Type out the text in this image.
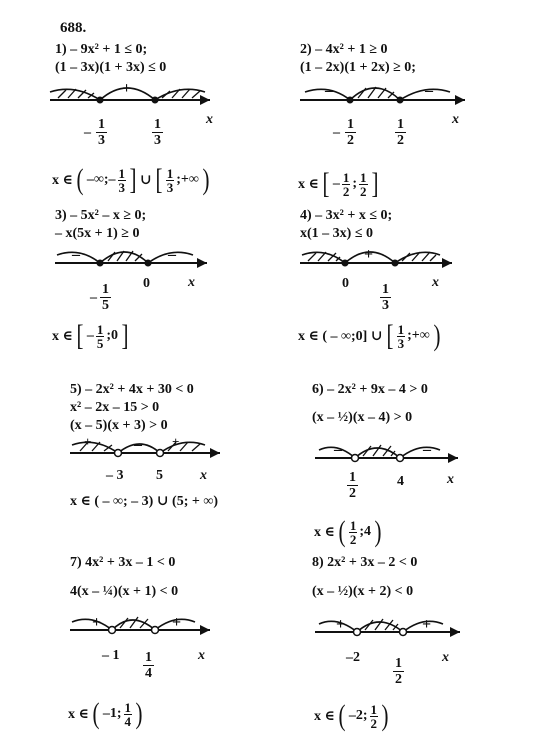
688.
1) – 9x² + 1 ≤ 0;
(1 – 3x)(1 + 3x) ≤ 0
+
– $\frac{1}{3}$	$\frac{1}{3}$	x
x ∈ ( –∞;– 1
3 ] ∪ [ 1
3 ;+∞ )
2) – 4x² + 1 ≥ 0
(1 – 2x)(1 + 2x) ≥ 0;
–	–
– $\frac{1}{2}$	$\frac{1}{2}$	x
x ∈ [ – 1
2 ; 1
2 ]
3) – 5x² – x ≥ 0;
– x(5x + 1) ≥ 0
–	–
– $\frac{1}{5} 0$	x
x ∈ [ – 1
5 ;0 ]
4) – 3x² + x ≤ 0;
x(1 – 3x) ≤ 0
+
$0 \frac{1}{3}$	x
x ∈ ( – ∞;0] ∪ [ 1
3 ;+∞ )
5) – 2x² + 4x + 30 < 0
x² – 2x – 15 > 0
(x – 5)(x + 3) > 0
+	– +
– 3 5	x
x ∈ ( – ∞; – 3) ∪ (5; + ∞)
6) – 2x² + 9x – 4 > 0
(x – ½)(x – 4) > 0
–	–
$\frac{1}{2}$	4	x
x ∈ ( 1
2 ;4 )
7) 4x² + 3x – 1 < 0
4(x – ¼)(x + 1) < 0
+	+
– $1 \frac{1}{4}$	x
x ∈ ( –1; 1
4 )
8) 2x² + 3x – 2 < 0
(x – ½)(x + 2) < 0
+	+
$-2 \frac{1}{2}$	x
x ∈ ( –2; 1
2 )
